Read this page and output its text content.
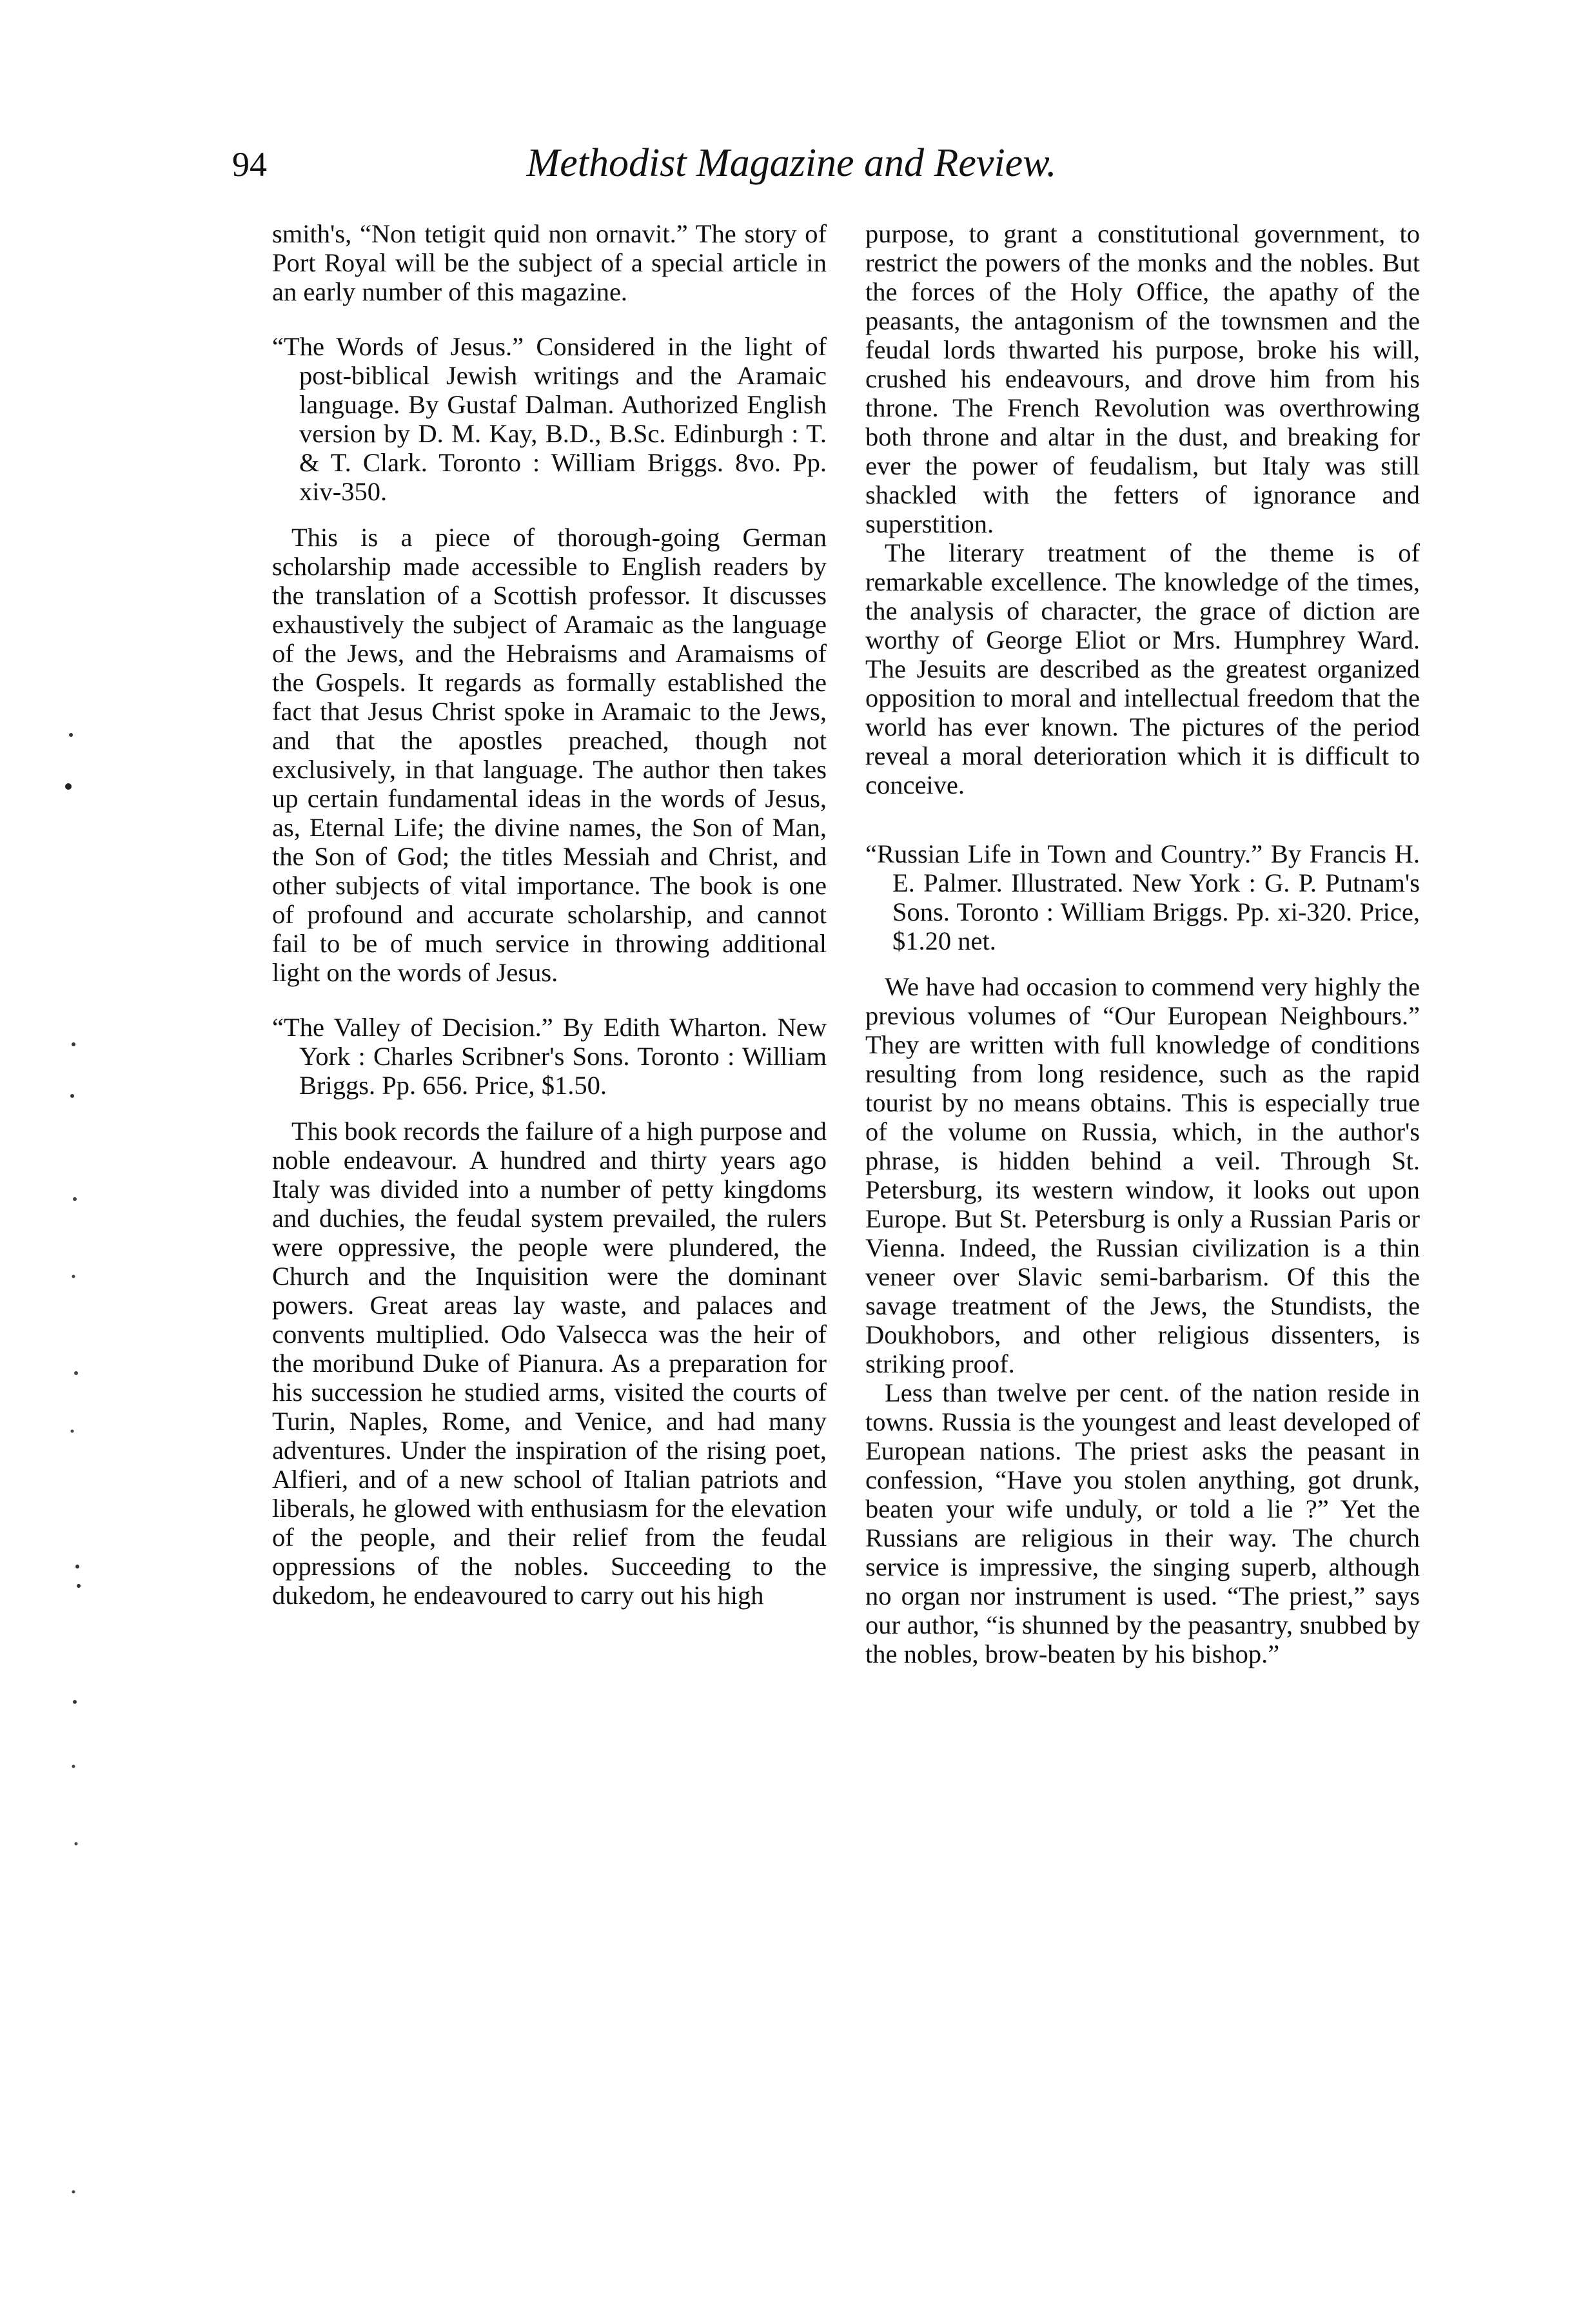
94	Methodist Magazine and Review.

smith's, “Non tetigit quid non ornavit.” The story of Port Royal will be the subject of a special article in an early number of this magazine.

“The Words of Jesus.” Considered in the light of post-biblical Jewish writings and the Aramaic language. By Gustaf Dalman. Authorized English version by D. M. Kay, B.D., B.Sc. Edinburgh : T. & T. Clark. Toronto : William Briggs. 8vo. Pp. xiv-350.

This is a piece of thorough-going German scholarship made accessible to English readers by the translation of a Scottish professor. It discusses exhaustively the subject of Aramaic as the language of the Jews, and the Hebraisms and Aramaisms of the Gospels. It regards as formally established the fact that Jesus Christ spoke in Aramaic to the Jews, and that the apostles preached, though not exclusively, in that language. The author then takes up certain fundamental ideas in the words of Jesus, as, Eternal Life; the divine names, the Son of Man, the Son of God; the titles Messiah and Christ, and other subjects of vital importance. The book is one of profound and accurate scholarship, and cannot fail to be of much service in throwing additional light on the words of Jesus.

“The Valley of Decision.” By Edith Wharton. New York : Charles Scribner's Sons. Toronto : William Briggs. Pp. 656. Price, $1.50.

This book records the failure of a high purpose and noble endeavour. A hundred and thirty years ago Italy was divided into a number of petty kingdoms and duchies, the feudal system prevailed, the rulers were oppressive, the people were plundered, the Church and the Inquisition were the dominant powers. Great areas lay waste, and palaces and convents multiplied. Odo Valsecca was the heir of the moribund Duke of Pianura. As a preparation for his succession he studied arms, visited the courts of Turin, Naples, Rome, and Venice, and had many adventures. Under the inspiration of the rising poet, Alfieri, and of a new school of Italian patriots and liberals, he glowed with enthusiasm for the elevation of the people, and their relief from the feudal oppressions of the nobles. Succeeding to the dukedom, he endeavoured to carry out his high

purpose, to grant a constitutional government, to restrict the powers of the monks and the nobles. But the forces of the Holy Office, the apathy of the peasants, the antagonism of the townsmen and the feudal lords thwarted his purpose, broke his will, crushed his endeavours, and drove him from his throne. The French Revolution was overthrowing both throne and altar in the dust, and breaking for ever the power of feudalism, but Italy was still shackled with the fetters of ignorance and superstition.

The literary treatment of the theme is of remarkable excellence. The knowledge of the times, the analysis of character, the grace of diction are worthy of George Eliot or Mrs. Humphrey Ward. The Jesuits are described as the greatest organized opposition to moral and intellectual freedom that the world has ever known. The pictures of the period reveal a moral deterioration which it is difficult to conceive.

“Russian Life in Town and Country.” By Francis H. E. Palmer. Illustrated. New York : G. P. Putnam's Sons. Toronto : William Briggs. Pp. xi-320. Price, $1.20 net.

We have had occasion to commend very highly the previous volumes of “Our European Neighbours.” They are written with full knowledge of conditions resulting from long residence, such as the rapid tourist by no means obtains. This is especially true of the volume on Russia, which, in the author's phrase, is hidden behind a veil. Through St. Petersburg, its western window, it looks out upon Europe. But St. Petersburg is only a Russian Paris or Vienna. Indeed, the Russian civilization is a thin veneer over Slavic semi-barbarism. Of this the savage treatment of the Jews, the Stundists, the Doukhobors, and other religious dissenters, is striking proof.

Less than twelve per cent. of the nation reside in towns. Russia is the youngest and least developed of European nations. The priest asks the peasant in confession, “Have you stolen anything, got drunk, beaten your wife unduly, or told a lie ?” Yet the Russians are religious in their way. The church service is impressive, the singing superb, although no organ nor instrument is used. “The priest,” says our author, “is shunned by the peasantry, snubbed by the nobles, brow-beaten by his bishop.”
